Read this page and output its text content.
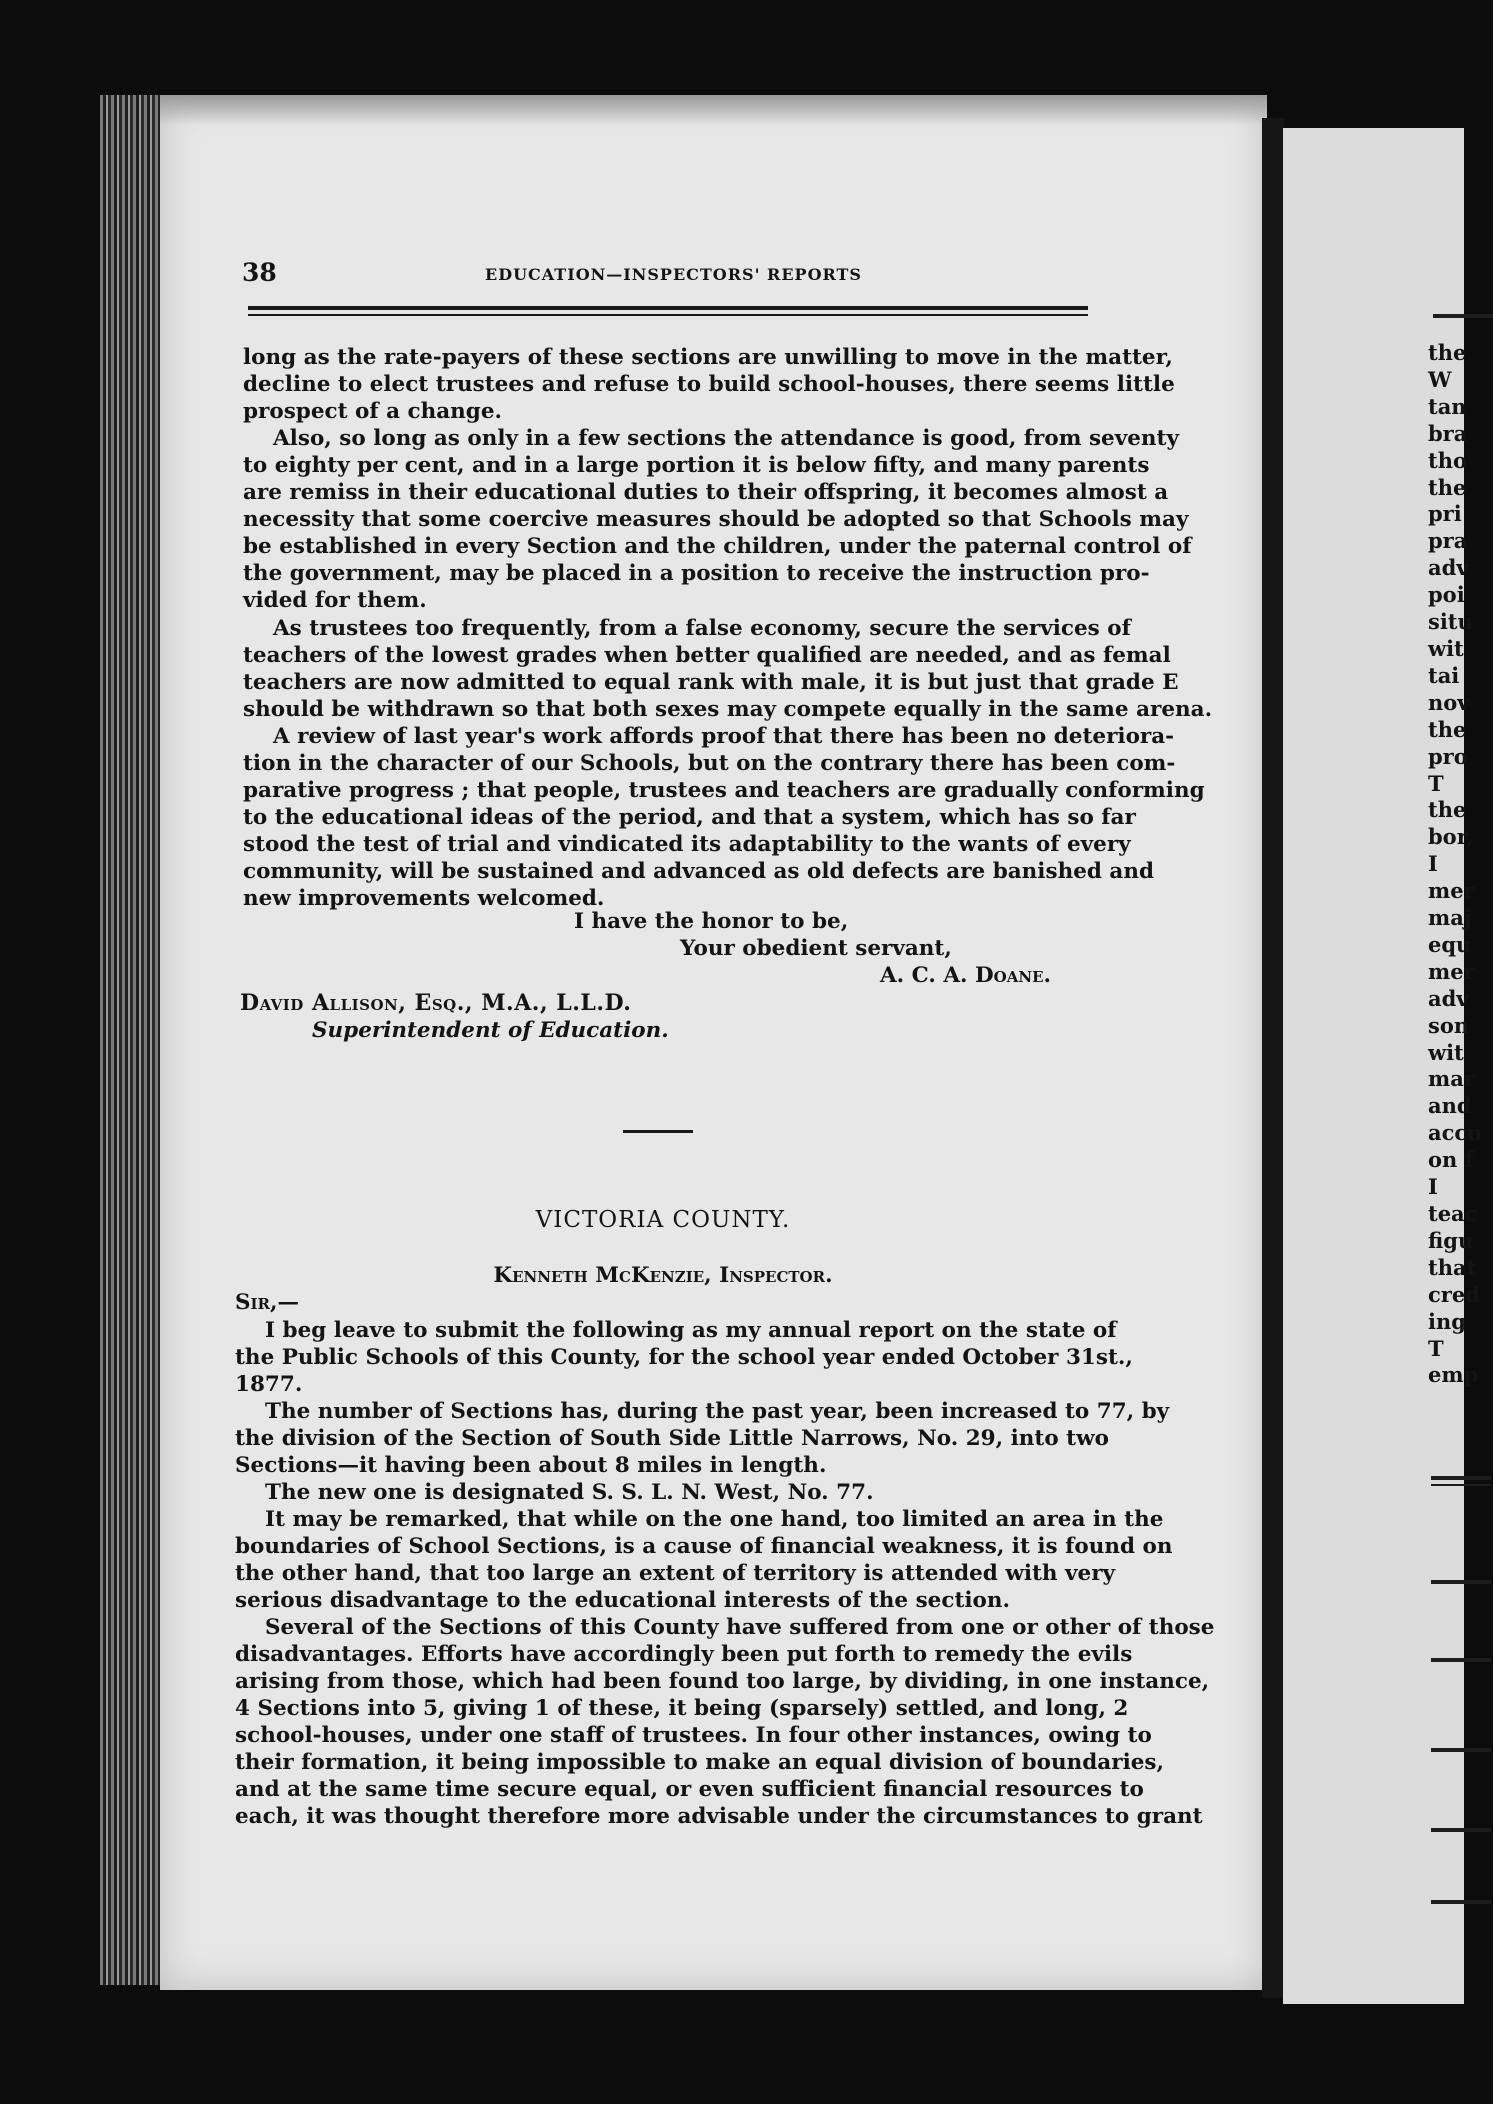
the
W
tan
bra
tho
the
pri
pra
adv
poi
situ
wit
tai
nov
the
pro
T
the
bor,
I
mer
maj
equ
mer
adv
son
wit
mar
and
accu
on f
I
teac
figu
that
cred
ing
T
emp
38	EDUCATION—INSPECTORS' REPORTS
long as the rate-payers of these sections are unwilling to move in the matter,
decline to elect trustees and refuse to build school-houses, there seems little
prospect of a change.
Also, so long as only in a few sections the attendance is good, from seventy
to eighty per cent, and in a large portion it is below fifty, and many parents
are remiss in their educational duties to their offspring, it becomes almost a
necessity that some coercive measures should be adopted so that Schools may
be established in every Section and the children, under the paternal control of
the government, may be placed in a position to receive the instruction pro-
vided for them.
As trustees too frequently, from a false economy, secure the services of
teachers of the lowest grades when better qualified are needed, and as femal
teachers are now admitted to equal rank with male, it is but just that grade E
should be withdrawn so that both sexes may compete equally in the same arena.
A review of last year's work affords proof that there has been no deteriora-
tion in the character of our Schools, but on the contrary there has been com-
parative progress ; that people, trustees and teachers are gradually conforming
to the educational ideas of the period, and that a system, which has so far
stood the test of trial and vindicated its adaptability to the wants of every
community, will be sustained and advanced as old defects are banished and
new improvements welcomed.
I have the honor to be,
Your obedient servant,
A. C. A. Doane.
David Allison, Esq., M.A., L.L.D.
Superintendent of Education.
VICTORIA COUNTY.
Kenneth McKenzie, Inspector.
Sir,—
I beg leave to submit the following as my annual report on the state of
the Public Schools of this County, for the school year ended October 31st.,
1877.
The number of Sections has, during the past year, been increased to 77, by
the division of the Section of South Side Little Narrows, No. 29, into two
Sections—it having been about 8 miles in length.
The new one is designated S. S. L. N. West, No. 77.
It may be remarked, that while on the one hand, too limited an area in the
boundaries of School Sections, is a cause of financial weakness, it is found on
the other hand, that too large an extent of territory is attended with very
serious disadvantage to the educational interests of the section.
Several of the Sections of this County have suffered from one or other of those
disadvantages. Efforts have accordingly been put forth to remedy the evils
arising from those, which had been found too large, by dividing, in one instance,
4 Sections into 5, giving 1 of these, it being (sparsely) settled, and long, 2
school-houses, under one staff of trustees. In four other instances, owing to
their formation, it being impossible to make an equal division of boundaries,
and at the same time secure equal, or even sufficient financial resources to
each, it was thought therefore more advisable under the circumstances to grant
